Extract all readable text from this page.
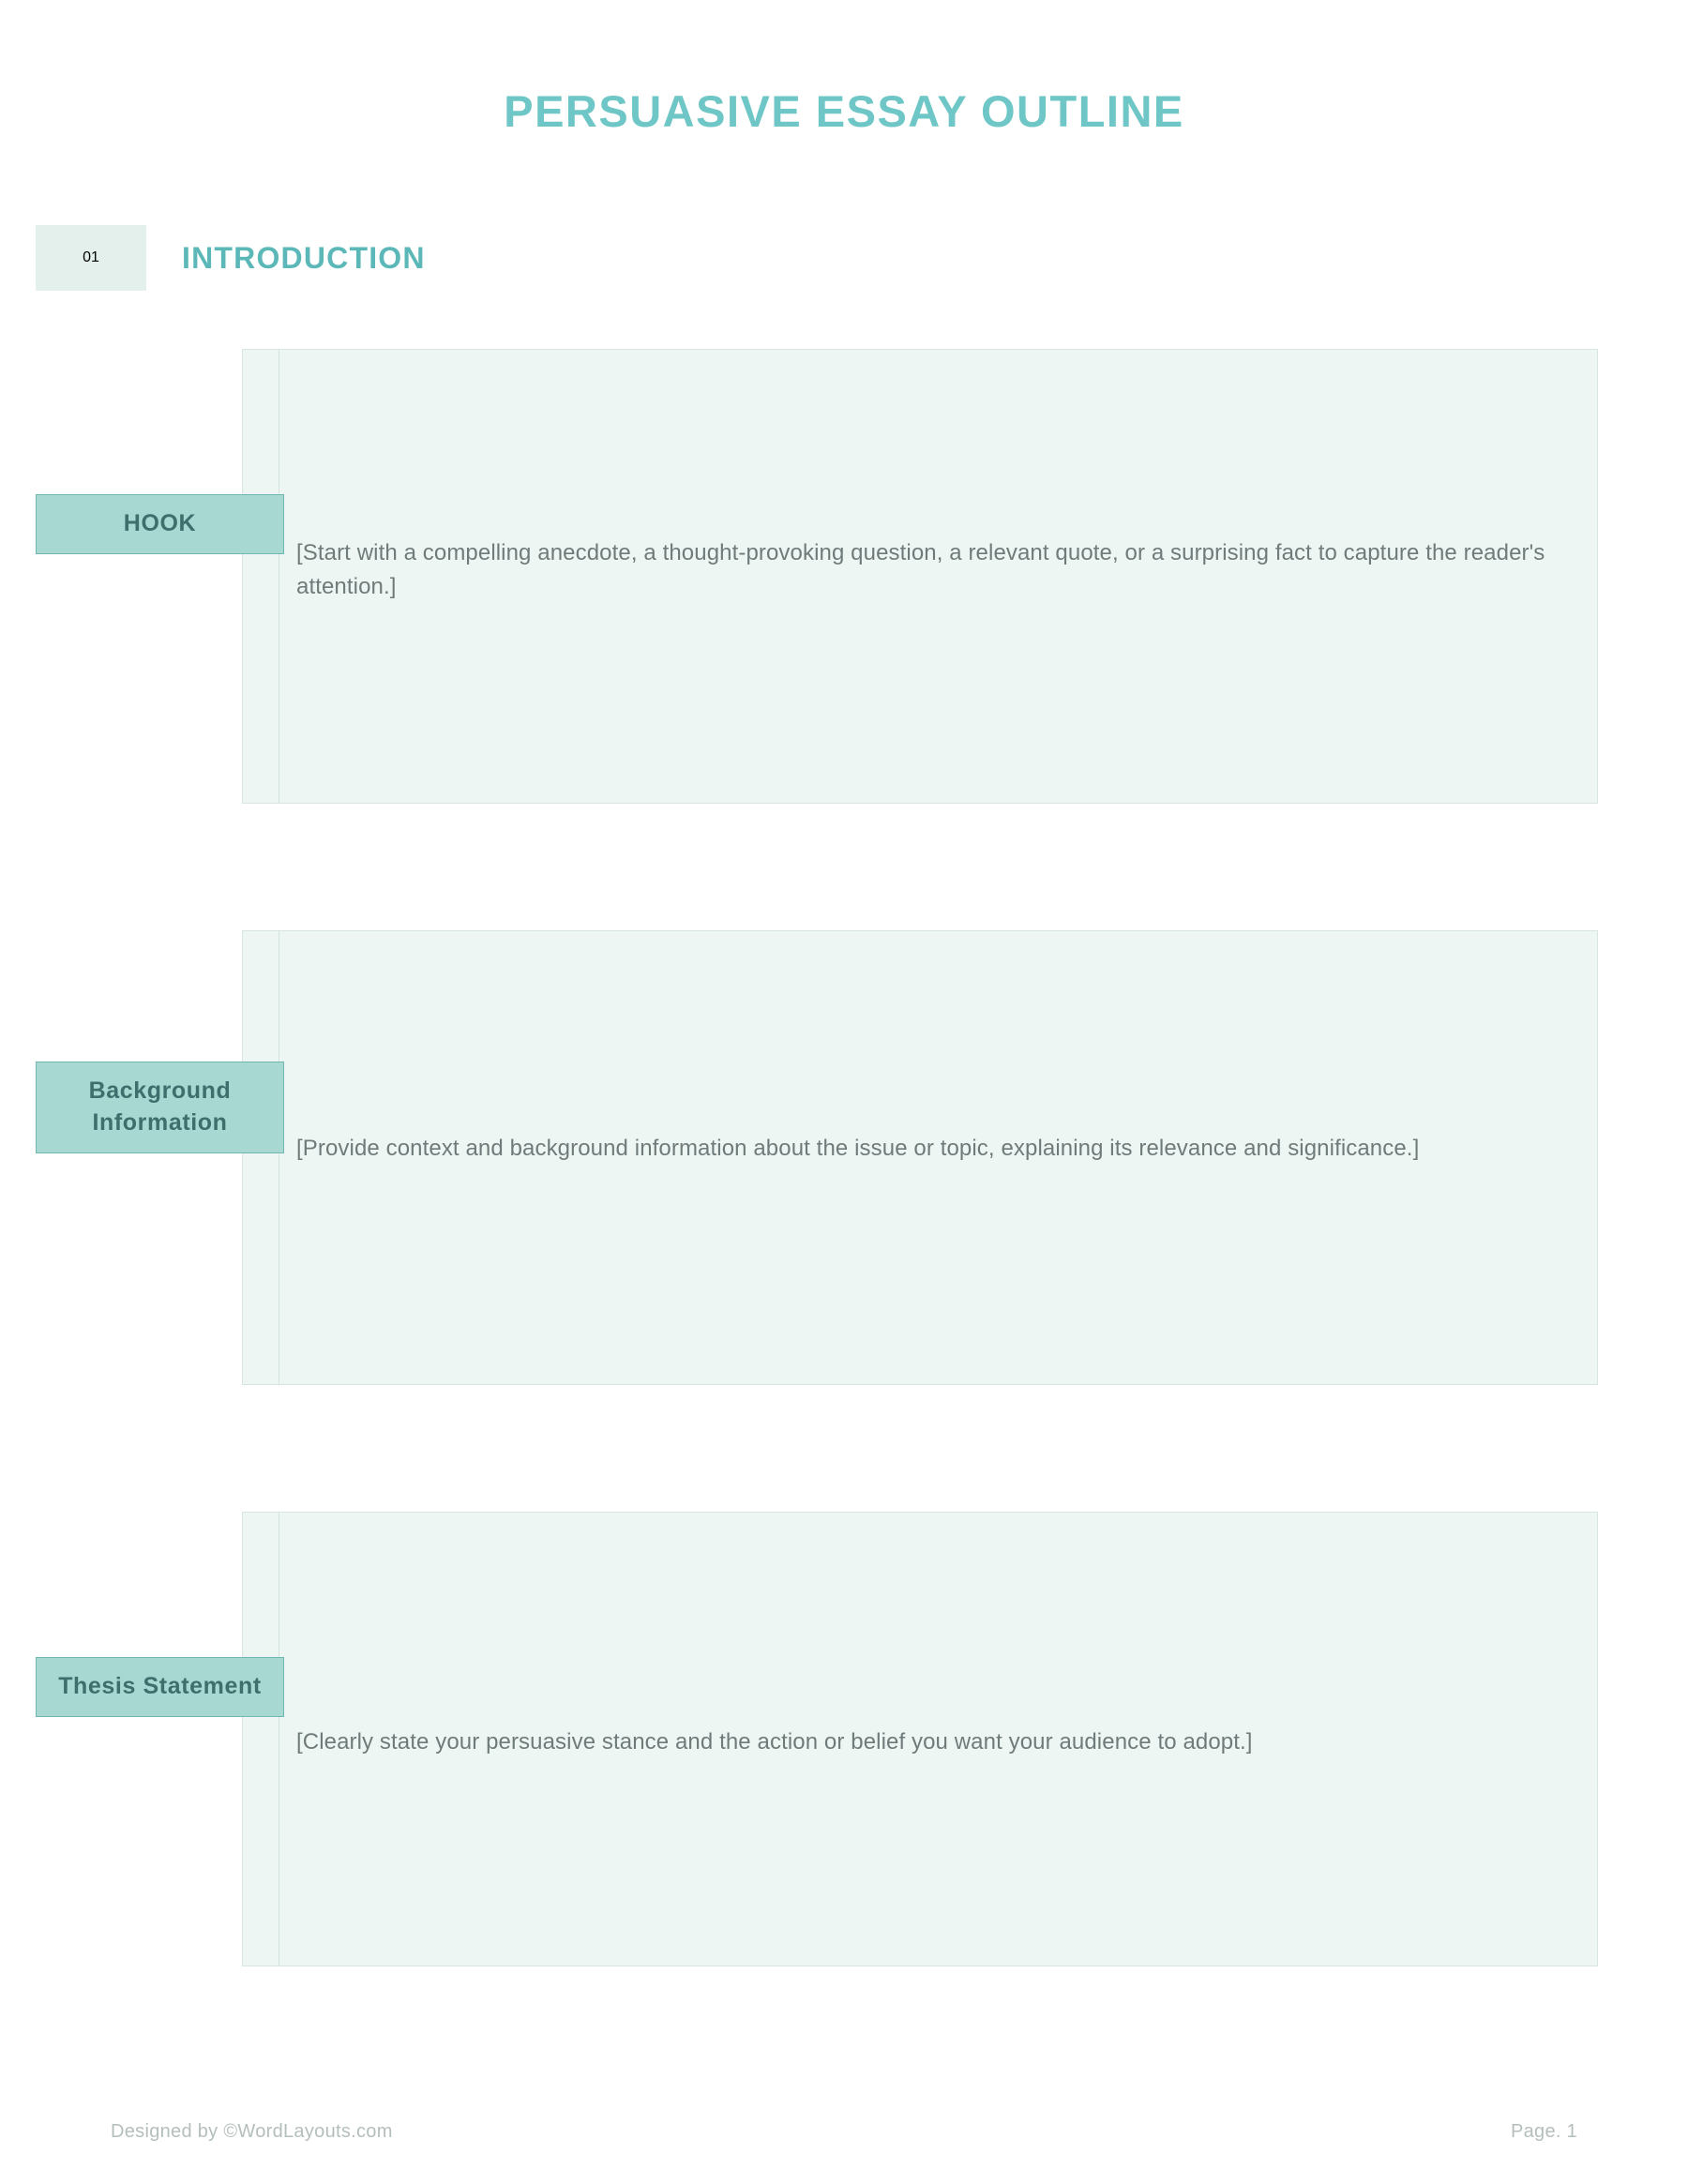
PERSUASIVE ESSAY OUTLINE
01	INTRODUCTION
HOOK
[Start with a compelling anecdote, a thought-provoking question, a relevant quote, or a surprising fact to capture the reader's attention.]
Background Information
[Provide context and background information about the issue or topic, explaining its relevance and significance.]
Thesis Statement
[Clearly state your persuasive stance and the action or belief you want your audience to adopt.]
Designed by ©WordLayouts.com	Page. 1
